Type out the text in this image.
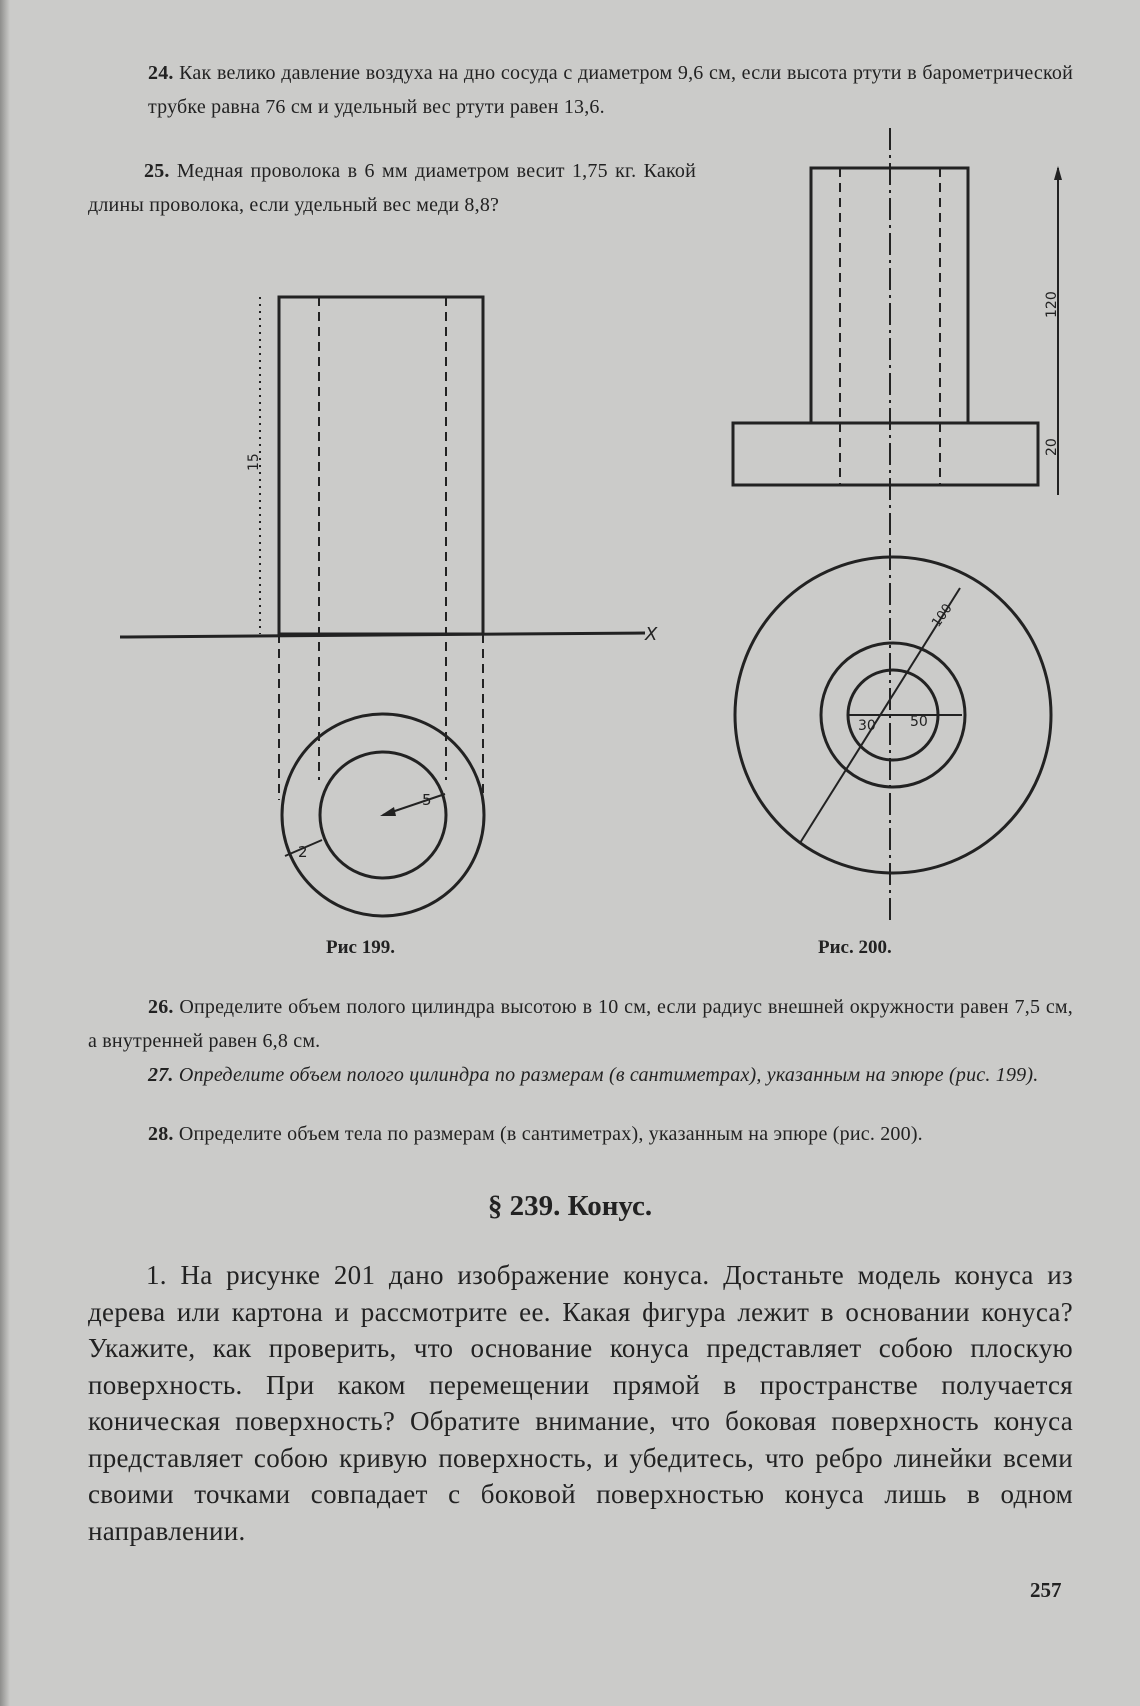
24. Как велико давление воздуха на дно сосуда с диаметром 9,6 см, если высота ртути в барометрической трубке равна 76 см и удельный вес ртути равен 13,6.

25. Медная проволока в 6 мм диаметром весит 1,75 кг. Какой длины проволока, если удельный вес меди 8,8?

15
X
5
2
120
20
100
30 50
Рис 199.	Рис. 200.

26. Определите объем полого цилиндра высотою в 10 см, если радиус внешней окружности равен 7,5 см, а внутренней равен 6,8 см.

27. Определите объем полого цилиндра по размерам (в сантиметрах), указанным на эпюре (рис. 199).

28. Определите объем тела по размерам (в сантиметрах), указанным на эпюре (рис. 200).

§ 239. Конус.

1. На рисунке 201 дано изображение конуса. Достаньте модель конуса из дерева или картона и рассмотрите ее. Какая фигура лежит в основании конуса? Укажите, как проверить, что основание конуса представляет собою плоскую поверхность. При каком перемещении прямой в пространстве получается коническая поверхность? Обратите внимание, что боковая поверхность конуса представляет собою кривую поверхность, и убедитесь, что ребро линейки всеми своими точками совпадает с боковой поверхностью конуса лишь в одном направлении.

257
